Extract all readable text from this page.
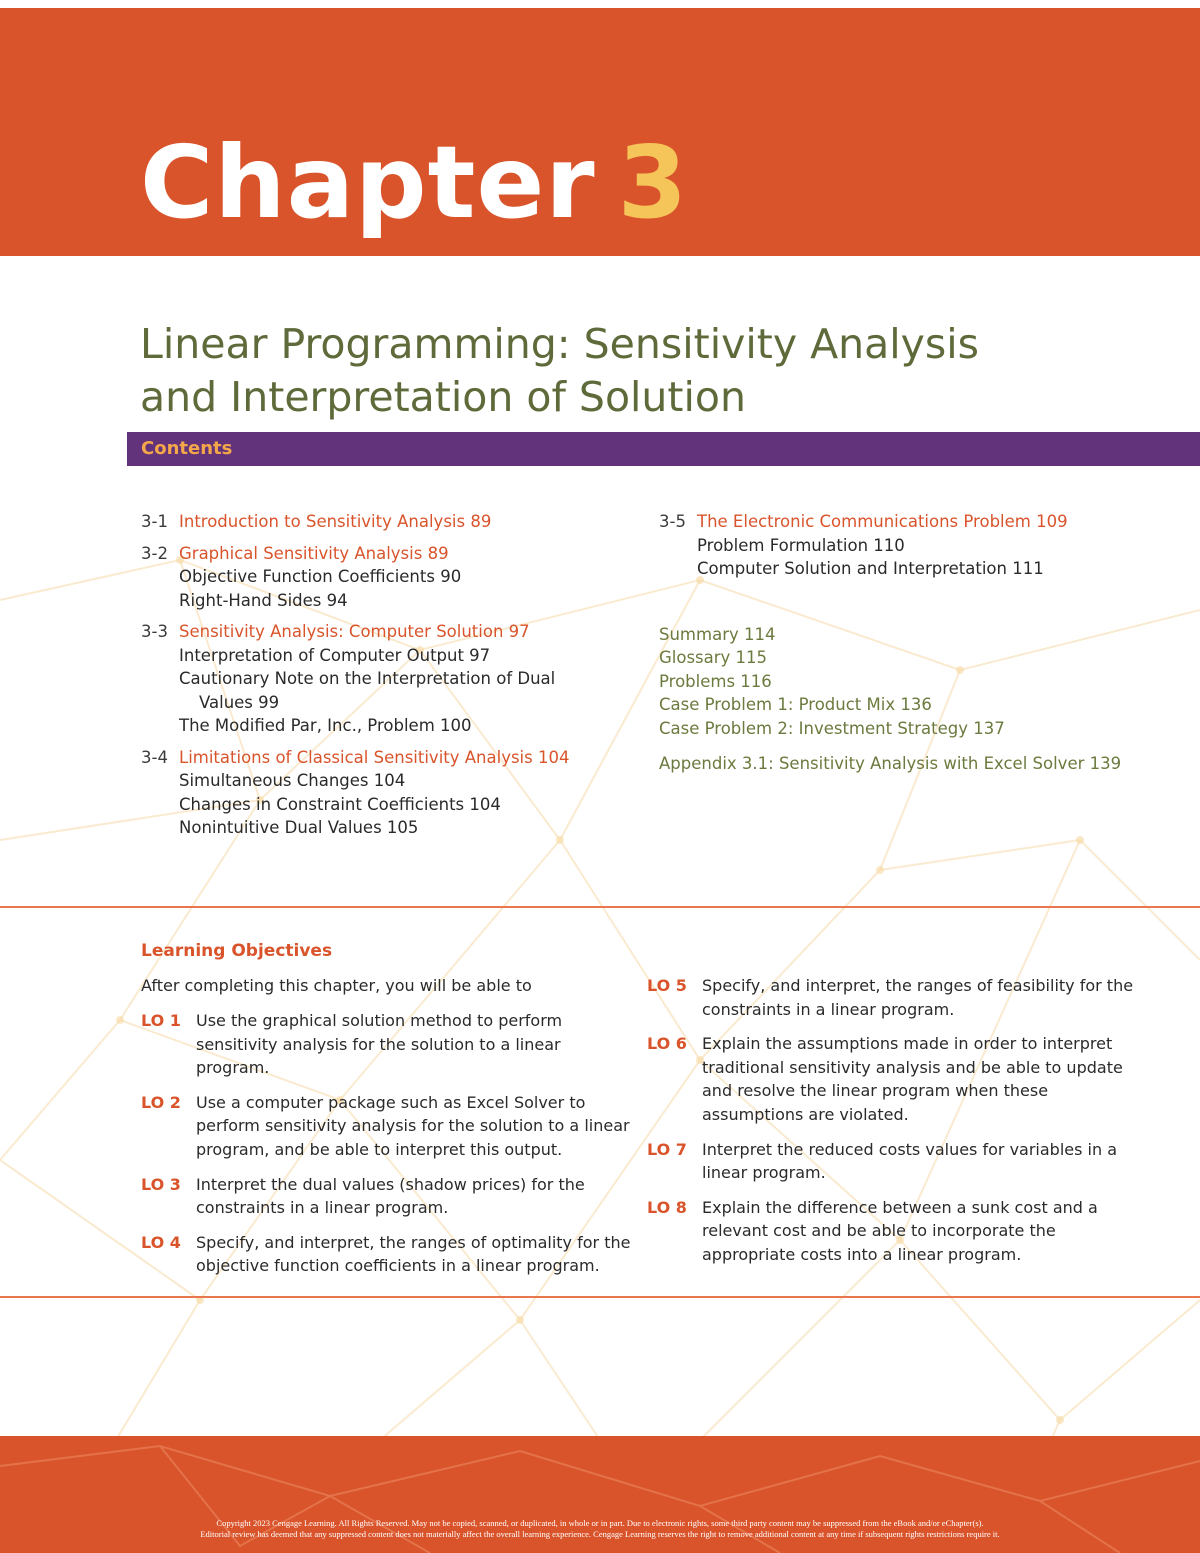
Chapter 3
Linear Programming: Sensitivity Analysis
and Interpretation of Solution
Contents
3-1 Introduction to Sensitivity Analysis 89
3-2 Graphical Sensitivity Analysis 89
Objective Function Coefficients 90
Right-Hand Sides 94
3-3 Sensitivity Analysis: Computer Solution 97
Interpretation of Computer Output 97
Cautionary Note on the Interpretation of Dual
Values 99
The Modified Par, Inc., Problem 100
3-4 Limitations of Classical Sensitivity Analysis 104
Simultaneous Changes 104
Changes in Constraint Coefficients 104
Nonintuitive Dual Values 105
3-5 The Electronic Communications Problem 109
Problem Formulation 110
Computer Solution and Interpretation 111
Summary 114
Glossary 115
Problems 116
Case Problem 1: Product Mix 136
Case Problem 2: Investment Strategy 137
Appendix 3.1: Sensitivity Analysis with Excel Solver 139
Learning Objectives
After completing this chapter, you will be able to
LO 1 Use the graphical solution method to perform sensitivity analysis for the solution to a linear program.
LO 2 Use a computer package such as Excel Solver to perform sensitivity analysis for the solution to a linear program, and be able to interpret this output.
LO 3 Interpret the dual values (shadow prices) for the constraints in a linear program.
LO 4 Specify, and interpret, the ranges of optimality for the objective function coefficients in a linear program.
LO 5 Specify, and interpret, the ranges of feasibility for the constraints in a linear program.
LO 6 Explain the assumptions made in order to interpret traditional sensitivity analysis and be able to update and resolve the linear program when these assumptions are violated.
LO 7 Interpret the reduced costs values for variables in a linear program.
LO 8 Explain the difference between a sunk cost and a relevant cost and be able to incorporate the appropriate costs into a linear program.
Copyright 2023 Cengage Learning. All Rights Reserved. May not be copied, scanned, or duplicated, in whole or in part. Due to electronic rights, some third party content may be suppressed from the eBook and/or eChapter(s).
Editorial review has deemed that any suppressed content does not materially affect the overall learning experience. Cengage Learning reserves the right to remove additional content at any time if subsequent rights restrictions require it.
